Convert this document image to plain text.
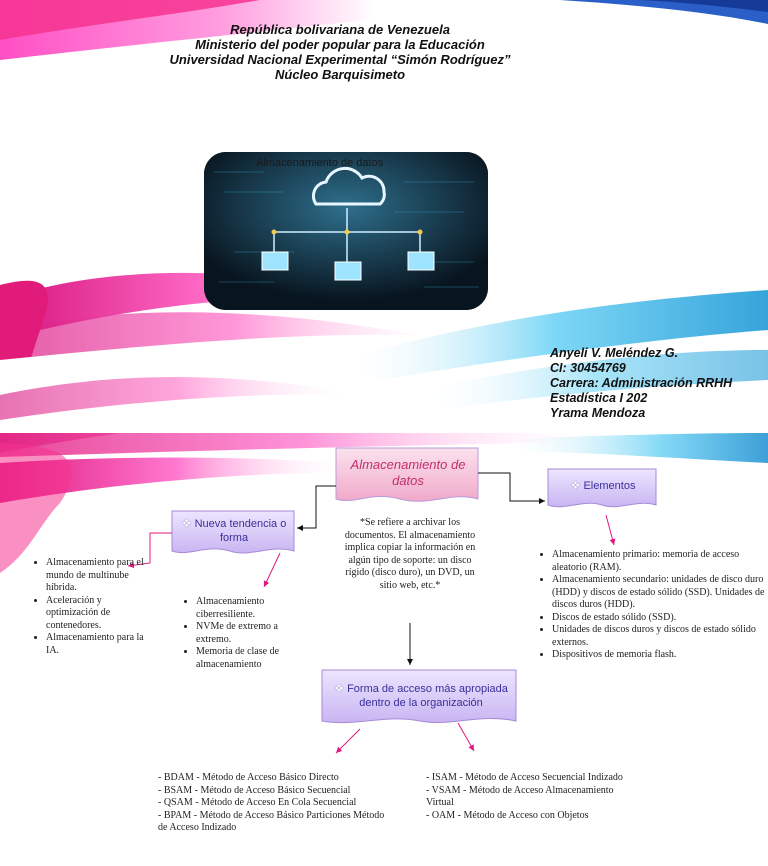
República bolivariana de Venezuela
Ministerio del poder popular para la Educación
Universidad Nacional Experimental “Simón Rodríguez”
Núcleo Barquisimeto
Almacenamiento de datos
Anyeli V. Meléndez G.
CI: 30454769
Carrera: Administración RRHH
Estadística I 202
Yrama Mendoza
Almacenamiento de datos
❖ Nueva tendencia o forma
❖ Elementos
❖ Forma de acceso más apropiada dentro de la organización
*Se refiere a archivar los documentos. El almacenamiento implica copiar la información en algún tipo de soporte: un disco rígido (disco duro), un DVD, un sitio web, etc.*
• Almacenamiento para el mundo de multinube híbrida.
• Aceleración y optimización de contenedores.
• Almacenamiento para la IA.
• Almacenamiento ciberresiliente.
• NVMe de extremo a extremo.
• Memoria de clase de almacenamiento
• Almacenamiento primario: memoria de acceso aleatorio (RAM).
• Almacenamiento secundario: unidades de disco duro (HDD) y discos de estado sólido (SSD). Unidades de discos duros (HDD).
• Discos de estado sólido (SSD).
• Unidades de discos duros y discos de estado sólido externos.
• Dispositivos de memoria flash.
- BDAM - Método de Acceso Básico Directo
- BSAM - Método de Acceso Básico Secuencial
- QSAM - Método de Acceso En Cola Secuencial
- BPAM - Método de Acceso Básico Particiones Método de Acceso Indizado
- ISAM - Método de Acceso Secuencial Indizado
- VSAM - Método de Acceso Almacenamiento Virtual
- OAM - Método de Acceso con Objetos
